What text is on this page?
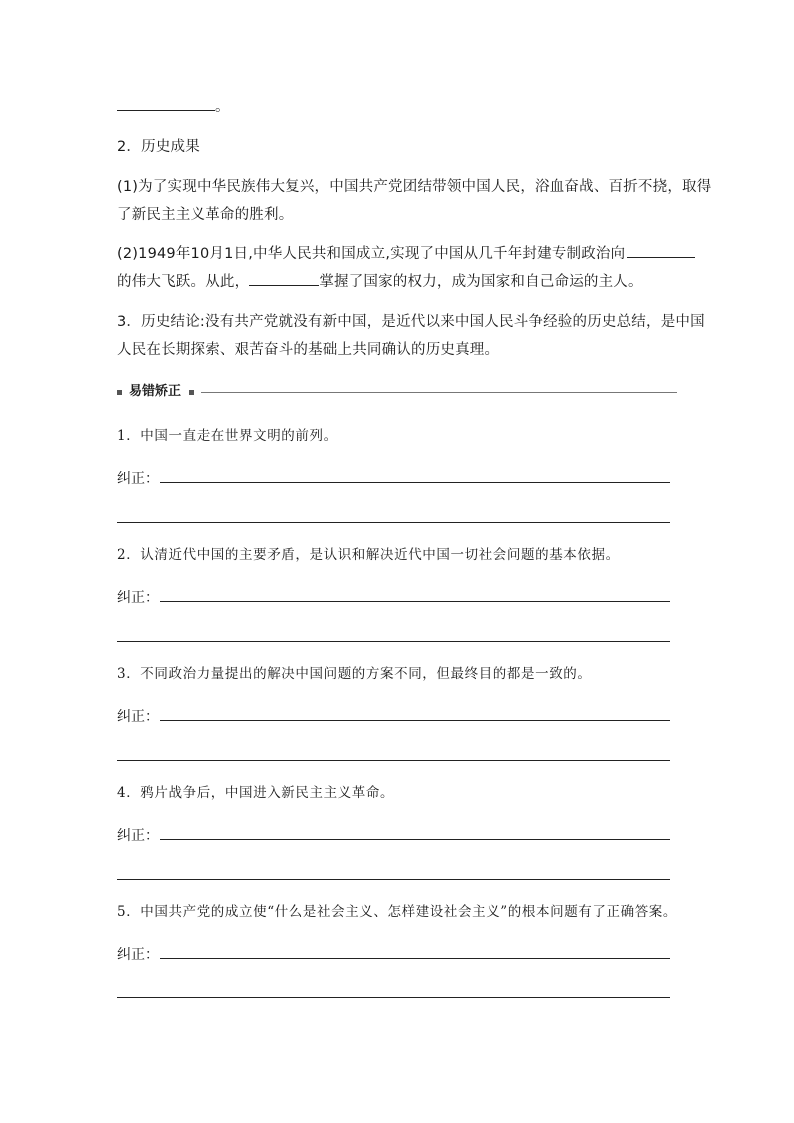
。
2．历史成果
(1)为了实现中华民族伟大复兴，中国共产党团结带领中国人民，浴血奋战、百折不挠，取得
了新民主主义革命的胜利。
(2)1949年10月1日,中华人民共和国成立,实现了中国从几千年封建专制政治向
的伟大飞跃。从此，	掌握了国家的权力，成为国家和自己命运的主人。
3．历史结论:没有共产党就没有新中国，是近代以来中国人民斗争经验的历史总结，是中国
人民在长期探索、艰苦奋斗的基础上共同确认的历史真理。
易错矫正
1．中国一直走在世界文明的前列。
纠正：
2．认清近代中国的主要矛盾，是认识和解决近代中国一切社会问题的基本依据。
纠正：
3．不同政治力量提出的解决中国问题的方案不同，但最终目的都是一致的。
纠正：
4．鸦片战争后，中国进入新民主主义革命。
纠正：
5．中国共产党的成立使“什么是社会主义、怎样建设社会主义”的根本问题有了正确答案。
纠正：
